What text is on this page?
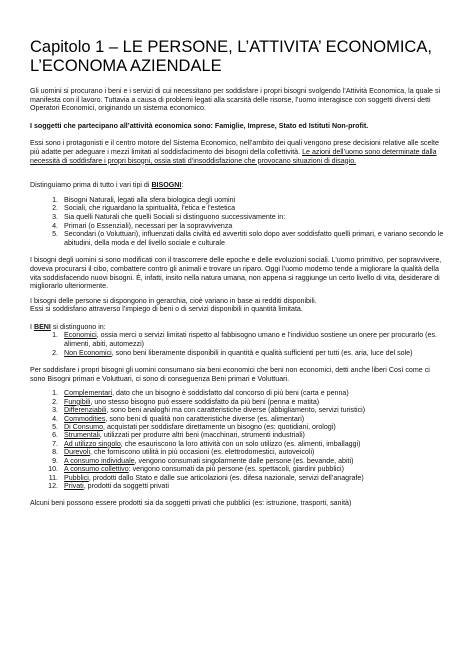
Capitolo 1 – LE PERSONE, L’ATTIVITA’ ECONOMICA,
L’ECONOMA AZIENDALE

Gli uomini si procurano i beni e i servizi di cui necessitano per soddisfare i propri bisogni svolgendo l’Attività Economica, la quale si manifesta con il lavoro. Tuttavia a causa di problemi legati alla scarsità delle risorse, l’uomo interagisce con soggetti diversi detti Operatori Economici, originando un sistema economico.

I soggetti che partecipano all’attività economica sono: Famiglie, Imprese, Stato ed Istituti Non-profit.

Essi sono i protagonisti e il centro motore del Sistema Economico, nell’ambito dei quali vengono prese decisioni relative alle scelte più adatte per adeguare i mezzi limitati al soddisfacimento dei bisogni della collettività. Le azioni dell’uomo sono determinate dalla necessità di soddisfare i propri bisogni, ossia stati d’insoddisfazione che provocano situazioni di disagio.

Distinguiamo prima di tutto i vari tipi di BISOGNI:

1. Bisogni Naturali, legati alla sfera biologica degli uomini
2. Sociali, che riguardano la spiritualità, l’etica e l’estetica
3. Sia quelli Naturali che quelli Sociali si distinguono successivamente in:
4. Primari (o Essenziali), necessari per la sopravvivenza
5. Secondari (o Voluttuari), influenzati dalla civiltà ed avvertiti solo dopo aver soddisfatto quelli primari, e variano secondo le abitudini, della moda e del livello sociale e culturale

I bisogni degli uomini si sono modificati con il trascorrere delle epoche e delle evoluzioni sociali. L’uomo primitivo, per sopravvivere, doveva procurarsi il cibo, combattere contro gli animali e trovare un riparo. Oggi l’uomo moderno tende a migliorare la qualità della vita soddisfacendo nuovi bisogni. È, infatti, insito nella natura umana, non appena si raggiunge un certo livello di vita, desiderare di migliorarlo ulteriormente.

I bisogni delle persone si dispongono in gerarchia, cioè variano in base ai redditi disponibili.

Essi si soddisfano attraverso l’impiego di beni o di servizi disponibili in quantità limitata.

I BENI si distinguono in:

1. Economici, ossia merci o servizi limitati rispetto al fabbisogno umano e l’individuo sostiene un onere per procurarlo (es. alimenti, abiti, automezzi)
2. Non Economici, sono beni liberamente disponibili in quantità e qualità sufficienti per tutti (es. aria, luce del sole)

Per soddisfare i propri bisogni gli uomini consumano sia beni economici che beni non economici, detti anche liberi Così come ci sono Bisogni primari e Voluttuari, ci sono di conseguenza Beni primari e Voluttuari.

1. Complementari, dato che un bisogno è soddisfatto dal concorso di più beni (carta e penna)
2. Fungibili, uno stesso bisogno può essere soddisfatto da più beni (penna e matita)
3. Differenziabili, sono beni analoghi ma con caratteristiche diverse (abbigliamento, servizi turistici)
4. Commodities, sono beni di qualità non caratteristiche diverse (es. alimentari)
5. Di Consumo, acquistati per soddisfare direttamente un bisogno (es: quotidiani, orologi)
6. Strumentali, utilizzati per produrre altri beni (macchinari, strumenti industriali)
7. Ad utilizzo singolo, che esauriscono la loro attività con un solo utilizzo (es. alimenti, imballaggi)
8. Durevoli, che forniscono utilità in più occasioni (es. elettrodomestici, autoveicoli)
9. A consumo individuale, vengono consumati singolarmente dalle persone (es. bevande, abiti)
10. A consumo collettivo: vengono consumati da più persone (es. spettacoli, giardini pubblici)
11. Pubblici, prodotti dallo Stato e dalle sue articolazioni (es. difesa nazionale, servizi dell’anagrafe)
12. Privati, prodotti da soggetti privati

Alcuni beni possono essere prodotti sia da soggetti privati che pubblici (es: istruzione, trasporti, sanità)
